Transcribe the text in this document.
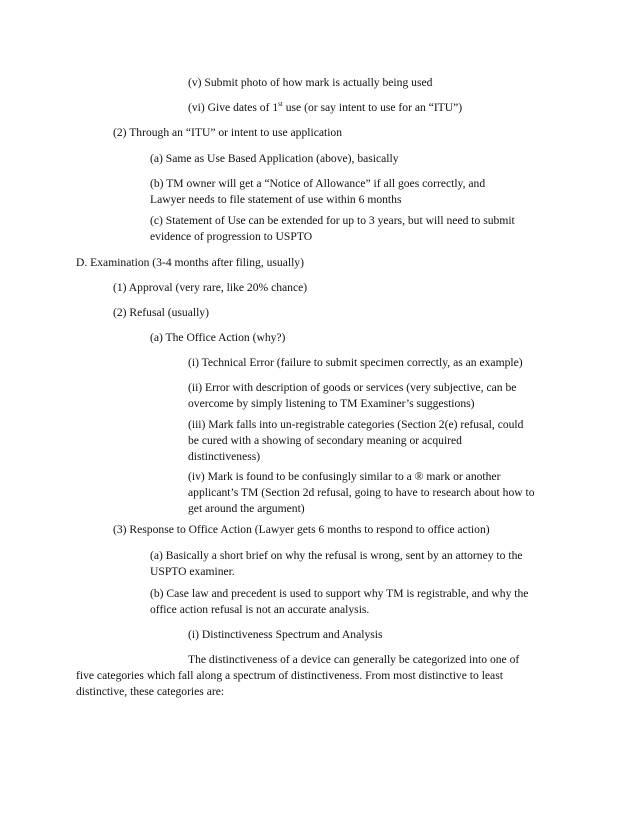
(v) Submit photo of how mark is actually being used

(vi) Give dates of 1st use (or say intent to use for an “ITU”)

(2) Through an “ITU” or intent to use application

(a) Same as Use Based Application (above), basically

(b) TM owner will get a “Notice of Allowance” if all goes correctly, and
Lawyer needs to file statement of use within 6 months
(c) Statement of Use can be extended for up to 3 years, but will need to submit
evidence of progression to USPTO

D. Examination (3-4 months after filing, usually)

(1) Approval (very rare, like 20% chance)

(2) Refusal (usually)

(a) The Office Action (why?)

(i) Technical Error (failure to submit specimen correctly, as an example)

(ii) Error with description of goods or services (very subjective, can be
overcome by simply listening to TM Examiner’s suggestions)
(iii) Mark falls into un-registrable categories (Section 2(e) refusal, could
be cured with a showing of secondary meaning or acquired
distinctiveness)
(iv) Mark is found to be confusingly similar to a ® mark or another
applicant’s TM (Section 2d refusal, going to have to research about how to
get around the argument)

(3) Response to Office Action (Lawyer gets 6 months to respond to office action)

(a) Basically a short brief on why the refusal is wrong, sent by an attorney to the
USPTO examiner.
(b) Case law and precedent is used to support why TM is registrable, and why the
office action refusal is not an accurate analysis.

(i) Distinctiveness Spectrum and Analysis

The distinctiveness of a device can generally be categorized into one of

five categories which fall along a spectrum of distinctiveness. From most distinctive to least

distinctive, these categories are:
